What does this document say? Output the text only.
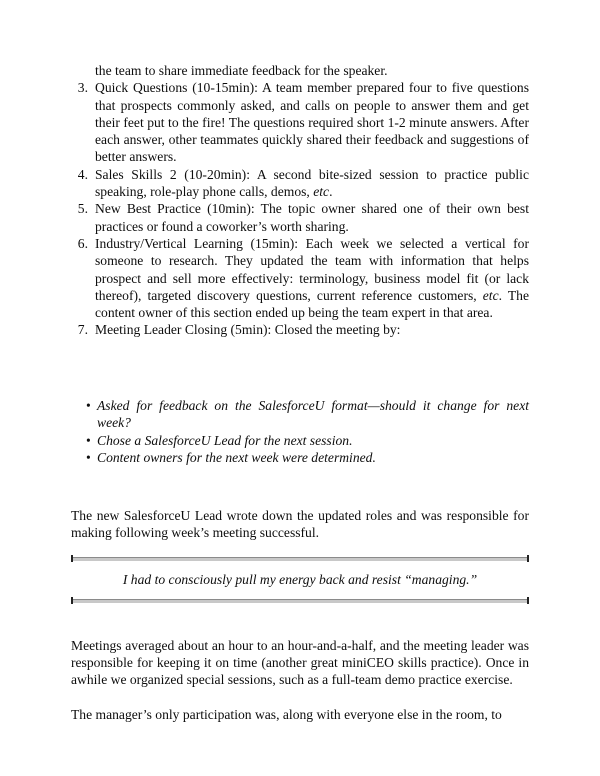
the team to share immediate feedback for the speaker.

3. Quick Questions (10-15min): A team member prepared four to five questions that prospects commonly asked, and calls on people to answer them and get their feet put to the fire! The questions required short 1-2 minute answers. After each answer, other teammates quickly shared their feedback and suggestions of better answers.
4. Sales Skills 2 (10-20min): A second bite-sized session to practice public speaking, role-play phone calls, demos, etc.
5. New Best Practice (10min): The topic owner shared one of their own best practices or found a coworker’s worth sharing.
6. Industry/Vertical Learning (15min): Each week we selected a vertical for someone to research. They updated the team with information that helps prospect and sell more effectively: terminology, business model fit (or lack thereof), targeted discovery questions, current reference customers, etc. The content owner of this section ended up being the team expert in that area.
7. Meeting Leader Closing (5min): Closed the meeting by:
• Asked for feedback on the SalesforceU format—should it change for next week?
• Chose a SalesforceU Lead for the next session.
• Content owners for the next week were determined.

The new SalesforceU Lead wrote down the updated roles and was responsible for making following week’s meeting successful.

I had to consciously pull my energy back and resist “managing.”

Meetings averaged about an hour to an hour-and-a-half, and the meeting leader was responsible for keeping it on time (another great miniCEO skills practice). Once in awhile we organized special sessions, such as a full-team demo practice exercise.

The manager’s only participation was, along with everyone else in the room, to
